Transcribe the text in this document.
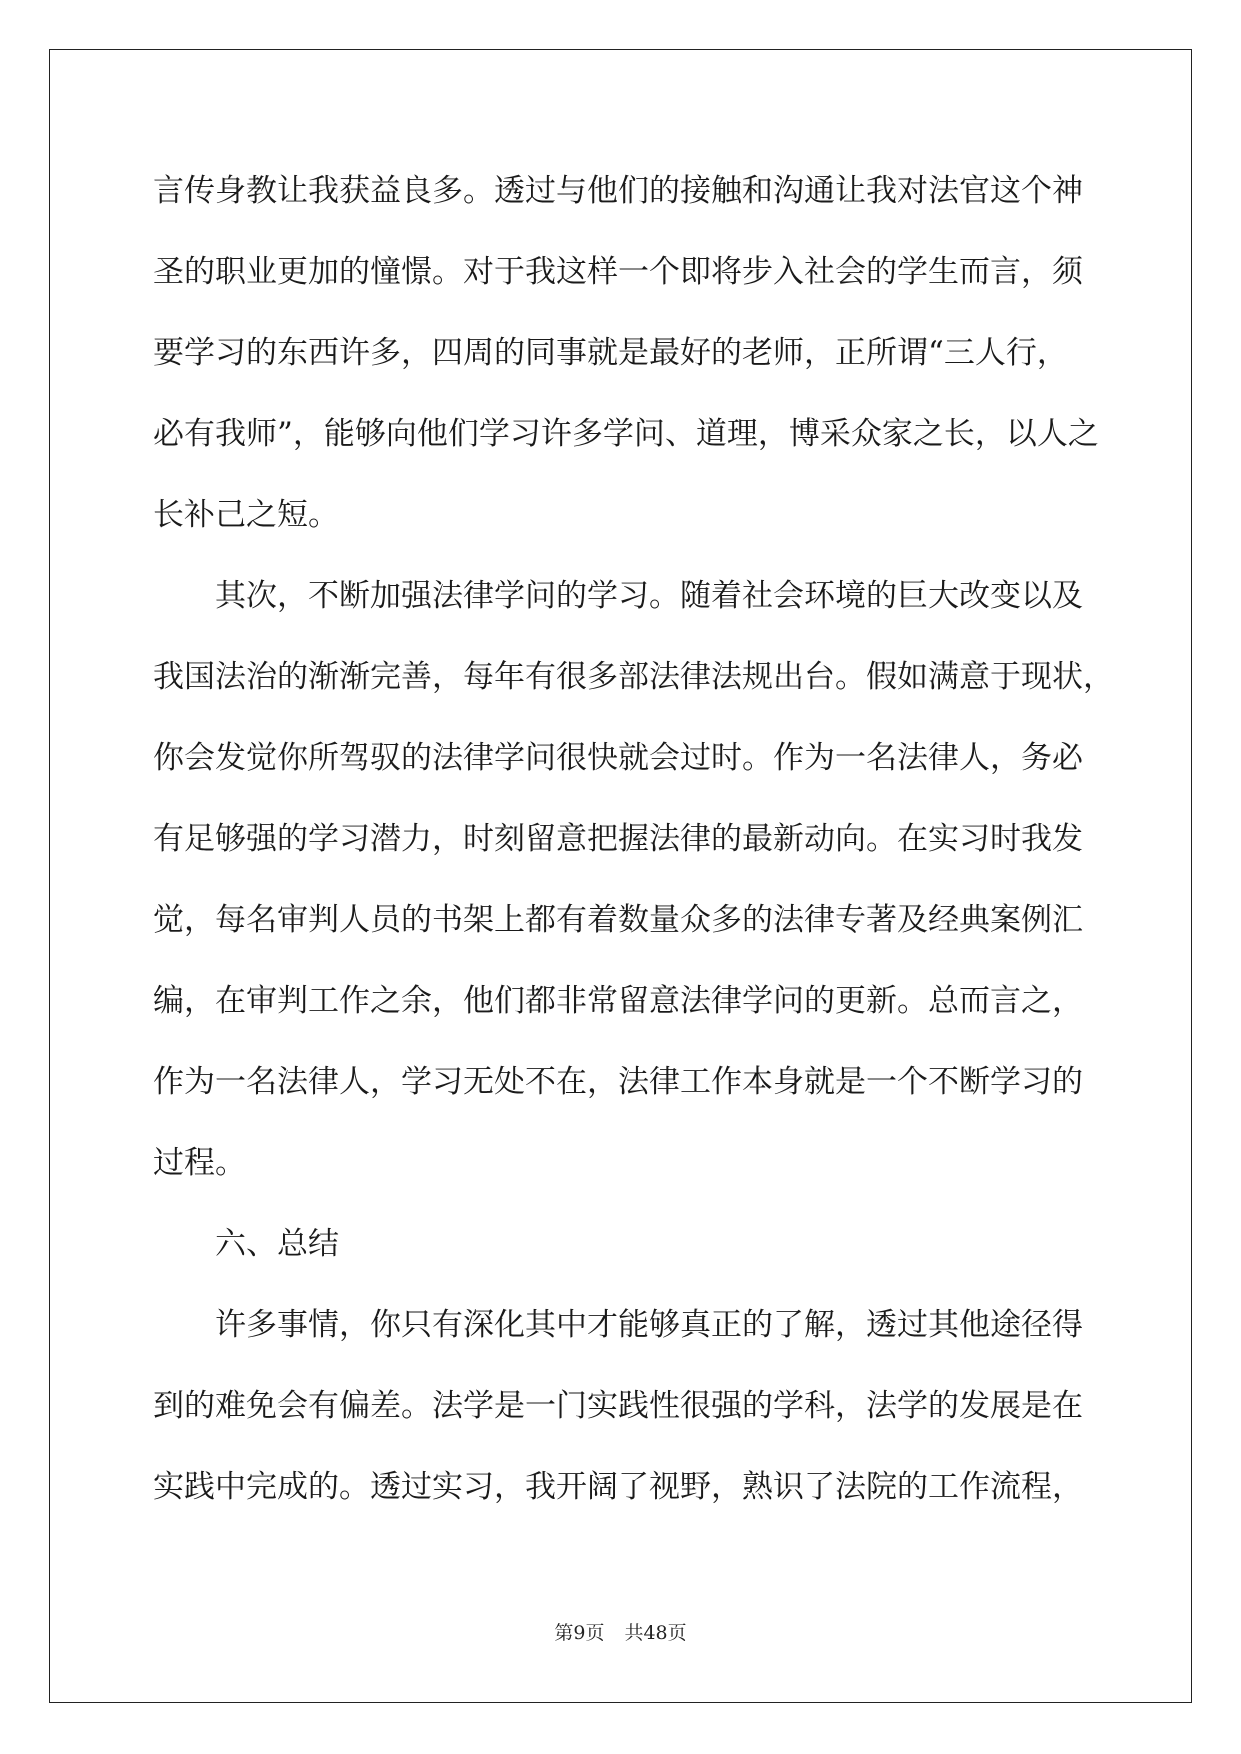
言传身教让我获益良多。透过与他们的接触和沟通让我对法官这个神
圣的职业更加的憧憬。对于我这样一个即将步入社会的学生而言，须
要学习的东西许多，四周的同事就是最好的老师，正所谓“三人行，
必有我师”，能够向他们学习许多学问、道理，博采众家之长，以人之
长补己之短。
其次，不断加强法律学问的学习。随着社会环境的巨大改变以及
我国法治的渐渐完善，每年有很多部法律法规出台。假如满意于现状，
你会发觉你所驾驭的法律学问很快就会过时。作为一名法律人，务必
有足够强的学习潜力，时刻留意把握法律的最新动向。在实习时我发
觉，每名审判人员的书架上都有着数量众多的法律专著及经典案例汇
编，在审判工作之余，他们都非常留意法律学问的更新。总而言之，
作为一名法律人，学习无处不在，法律工作本身就是一个不断学习的
过程。
六、总结
许多事情，你只有深化其中才能够真正的了解，透过其他途径得
到的难免会有偏差。法学是一门实践性很强的学科，法学的发展是在
实践中完成的。透过实习，我开阔了视野，熟识了法院的工作流程，
第9页 共48页
